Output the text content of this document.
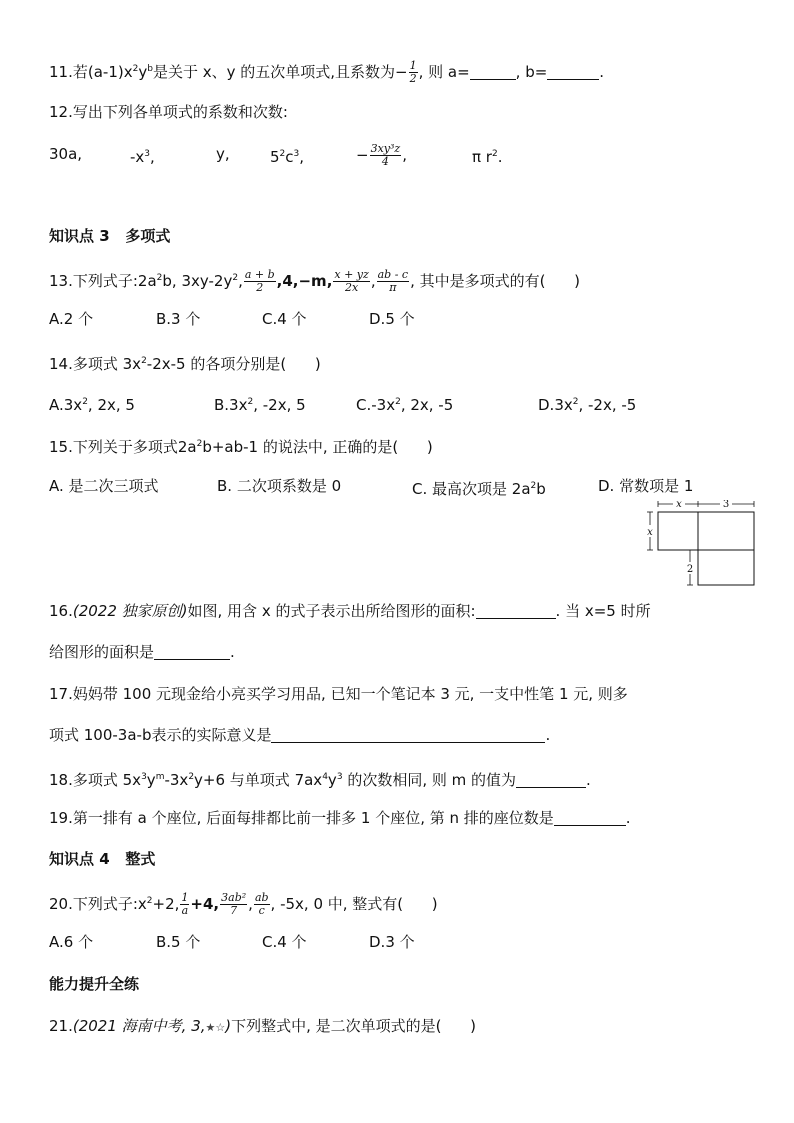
11.若$(a-1)x^2y^b$是关于 x、y 的五次单项式,且系数为− $\frac{1}{2}$ , 则 a=	, b=	.
12.写出下列各单项式的系数和次数:
30a,	$-x^3$,	y,	$5^2c^3$,	− $\frac{\text{3xy³z}}{4}$ ,	π $r^2$.
知识点 3 多项式
13.下列式子$:2a^2b$, $3xy-2y^2$, $\frac{a + b}{2} ,4,-m$, $\frac{x + yz}{2x}$ , $\frac{ab - c}{\pi}$ , 其中是多项式的有( )
A.2 个	B.3 个	C.4 个	D.5 个
14.多项式 $3x^2-2x-5$ 的各项分别是( )
$A.3x^2$, 2x, 5	$B.3x^2$, -2x, 5	$C.-3x^2$, 2x, -5	$D.3x^2$, -2x, -5
15.下列关于多项式$2a^2b+ab-1$ 的说法中, 正确的是( )
A. 是二次三项式	B. 二次项系数是 0	C. 最高次项是 $2a^2b$	D. 常数项是 1
x	3
x
2
16.(2022 独家原创)如图, 用含 x 的式子表示出所给图形的面积:	. 当 x=5 时所
给图形的面积是	.
17.妈妈带 100 元现金给小亮买学习用品, 已知一个笔记本 3 元, 一支中性笔 1 元, 则多
项式 100-3a-b表示的实际意义是	.
18.多项式 $5x^3y^m-3x^2y+6$ 与单项式 $7ax^4y^3$ 的次数相同, 则 m 的值为	.
19.第一排有 a 个座位, 后面每排都比前一排多 1 个座位, 第 n 排的座位数是	.
知识点 4 整式
20.下列式子$:x^2+2$, $\frac{1}{a} +4$, $\frac{\text{3ab²}}{7}$ , $\frac{ab}{c}$ , -5x, 0 中, 整式有( )
A.6 个	B.5 个	C.4 个	D.3 个
能力提升全练
21.(2021 海南中考, 3,★☆)下列整式中, 是二次单项式的是( )
